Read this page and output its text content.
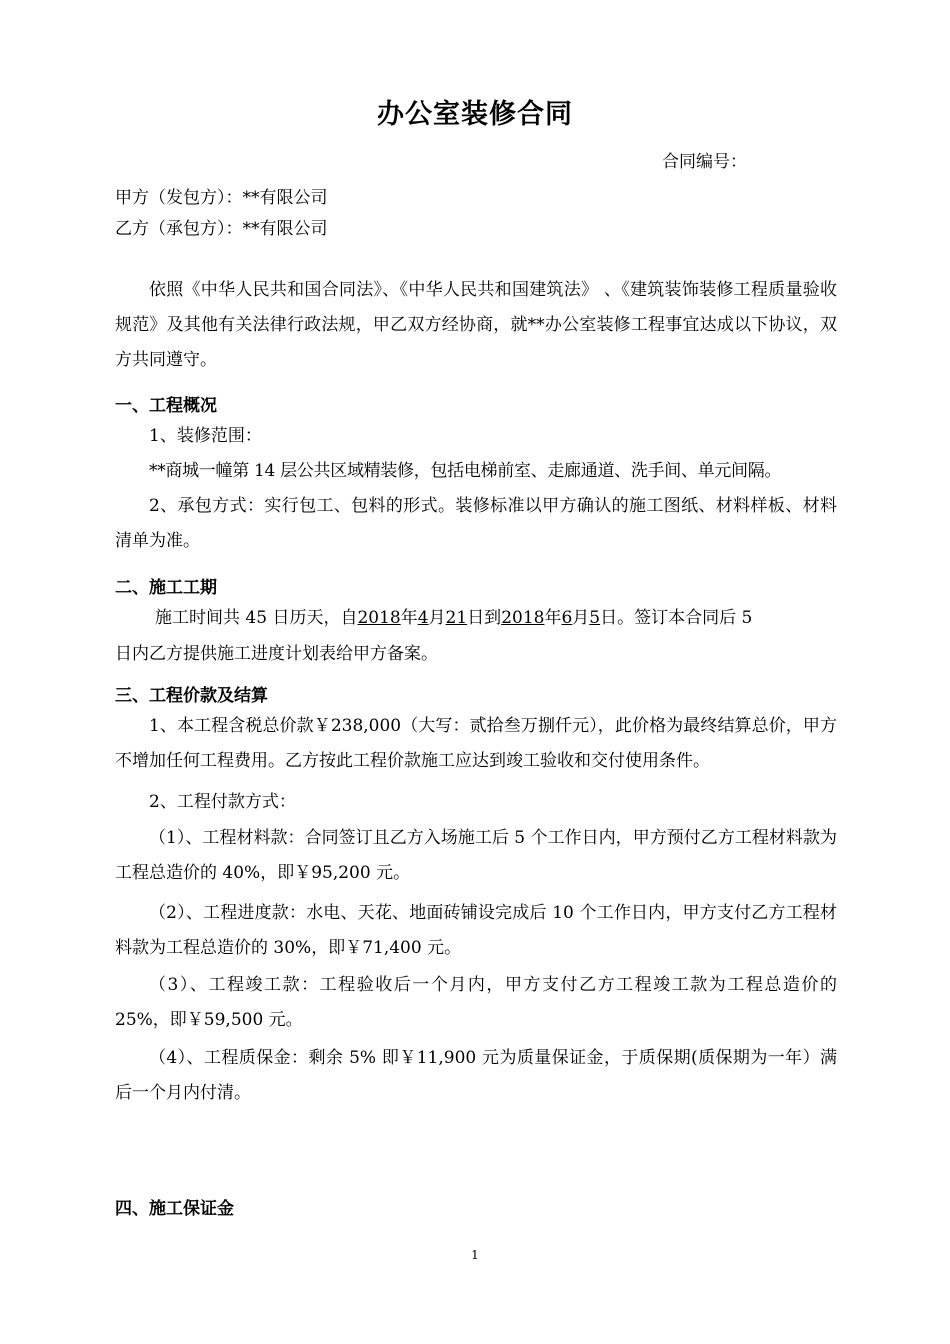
办公室装修合同
合同编号：
甲方（发包方）：**有限公司
乙方（承包方）：**有限公司
依照《中华人民共和国合同法》、《中华人民共和国建筑法》 、《建筑装饰装修工程质量验收规范》及其他有关法律行政法规，甲乙双方经协商，就**办公室装修工程事宜达成以下协议，双方共同遵守。
一、工程概况
1、装修范围：
**商城一幢第 14 层公共区域精装修，包括电梯前室、走廊通道、洗手间、单元间隔。
2、承包方式：实行包工、包料的形式。装修标准以甲方确认的施工图纸、材料样板、材料清单为准。
二、施工工期
施工时间共 45 日历天，自2018年4月21日到2018年6月5日。签订本合同后 5
日内乙方提供施工进度计划表给甲方备案。
三、工程价款及结算
1、本工程含税总价款￥238,000（大写：贰拾叁万捌仟元），此价格为最终结算总价，甲方不增加任何工程费用。乙方按此工程价款施工应达到竣工验收和交付使用条件。
2、工程付款方式：
（1）、工程材料款：合同签订且乙方入场施工后 5 个工作日内，甲方预付乙方工程材料款为工程总造价的 40%，即￥95,200 元。
（2）、工程进度款：水电、天花、地面砖铺设完成后 10 个工作日内，甲方支付乙方工程材料款为工程总造价的 30%，即￥71,400 元。
（3）、工程竣工款：工程验收后一个月内，甲方支付乙方工程竣工款为工程总造价的 25%，即￥59,500 元。
（4）、工程质保金：剩余 5% 即￥11,900 元为质量保证金，于质保期(质保期为一年）满后一个月内付清。
四、施工保证金
1
